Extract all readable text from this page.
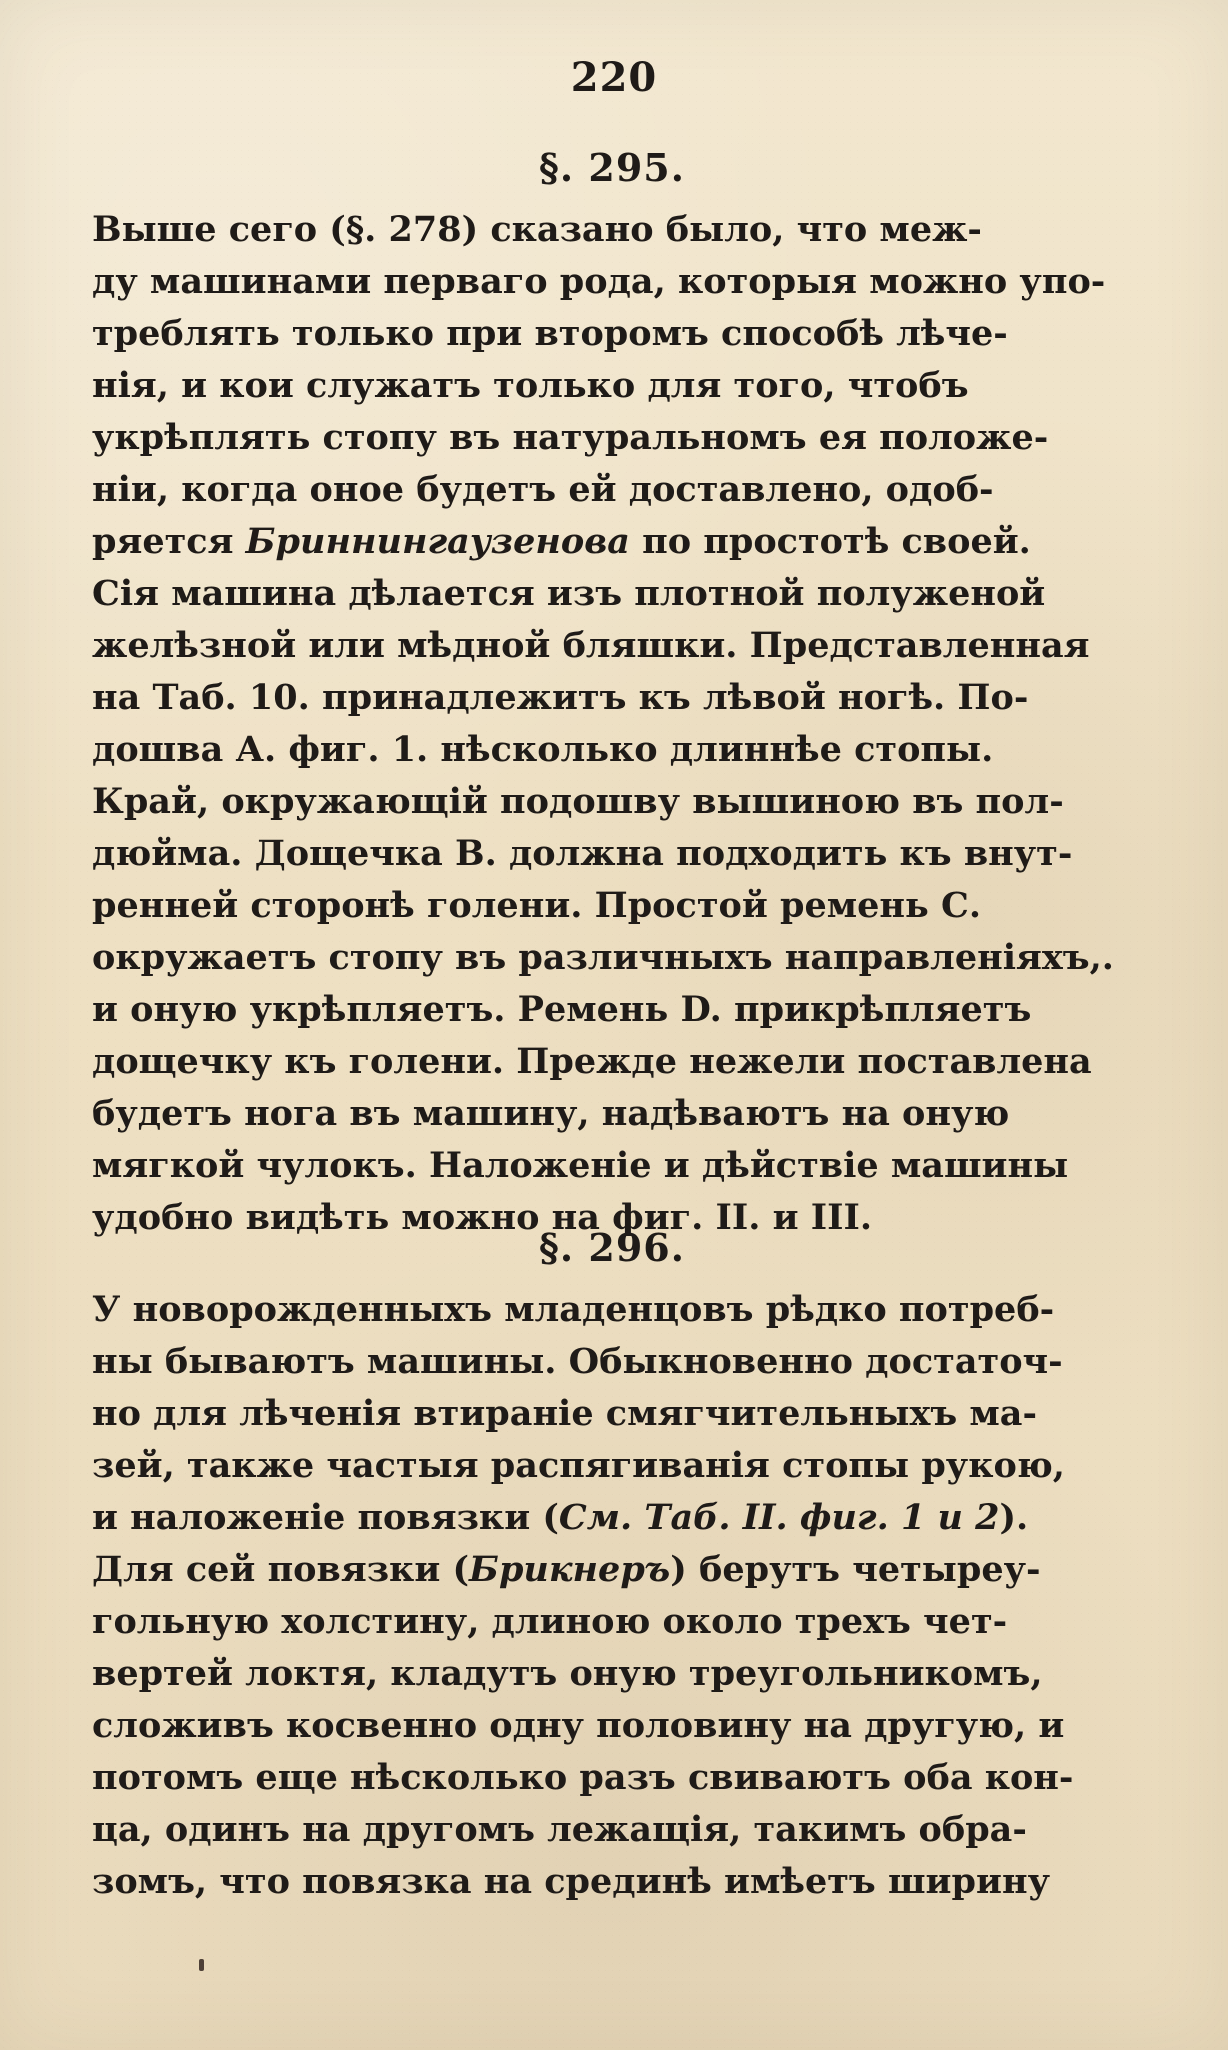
220
§. 295.
Выше сего (§. 278) сказано было, что меж-
ду машинами перваго рода, которыя можно упо-
треблять только при второмъ способѣ лѣче-
нія, и кои служатъ только для того, чтобъ
укрѣплять стопу въ натуральномъ ея положе-
ніи, когда оное будетъ ей доставлено, одоб-
ряется Бриннингаузенова по простотѣ своей.
Сія машина дѣлается изъ плотной полуженой
желѣзной или мѣдной бляшки. Представленная
на Таб. 10. принадлежитъ къ лѣвой ногѣ. По-
дошва А. фиг. 1. нѣсколько длиннѣе стопы.
Край, окружающій подошву вышиною въ пол-
дюйма. Дощечка В. должна подходить къ внут-
ренней сторонѣ голени. Простой ремень С.
окружаетъ стопу въ различныхъ направленіяхъ,.
и оную укрѣпляетъ. Ремень D. прикрѣпляетъ
дощечку къ голени. Прежде нежели поставлена
будетъ нога въ машину, надѣваютъ на оную
мягкой чулокъ. Наложеніе и дѣйствіе машины
удобно видѣть можно на фиг. II. и III.
§. 296.
У новорожденныхъ младенцовъ рѣдко потреб-
ны бываютъ машины. Обыкновенно достаточ-
но для лѣченія втираніе смягчительныхъ ма-
зей, также частыя распягиванія стопы рукою,
и наложеніе повязки (См. Таб. II. фиг. 1 и 2).
Для сей повязки (Брикнеръ) берутъ четыреу-
гольную холстину, длиною около трехъ чет-
вертей локтя, кладутъ оную треугольникомъ,
сложивъ косвенно одну половину на другую, и
потомъ еще нѣсколько разъ свиваютъ оба кон-
ца, одинъ на другомъ лежащія, такимъ обра-
зомъ, что повязка на срединѣ имѣетъ ширину
